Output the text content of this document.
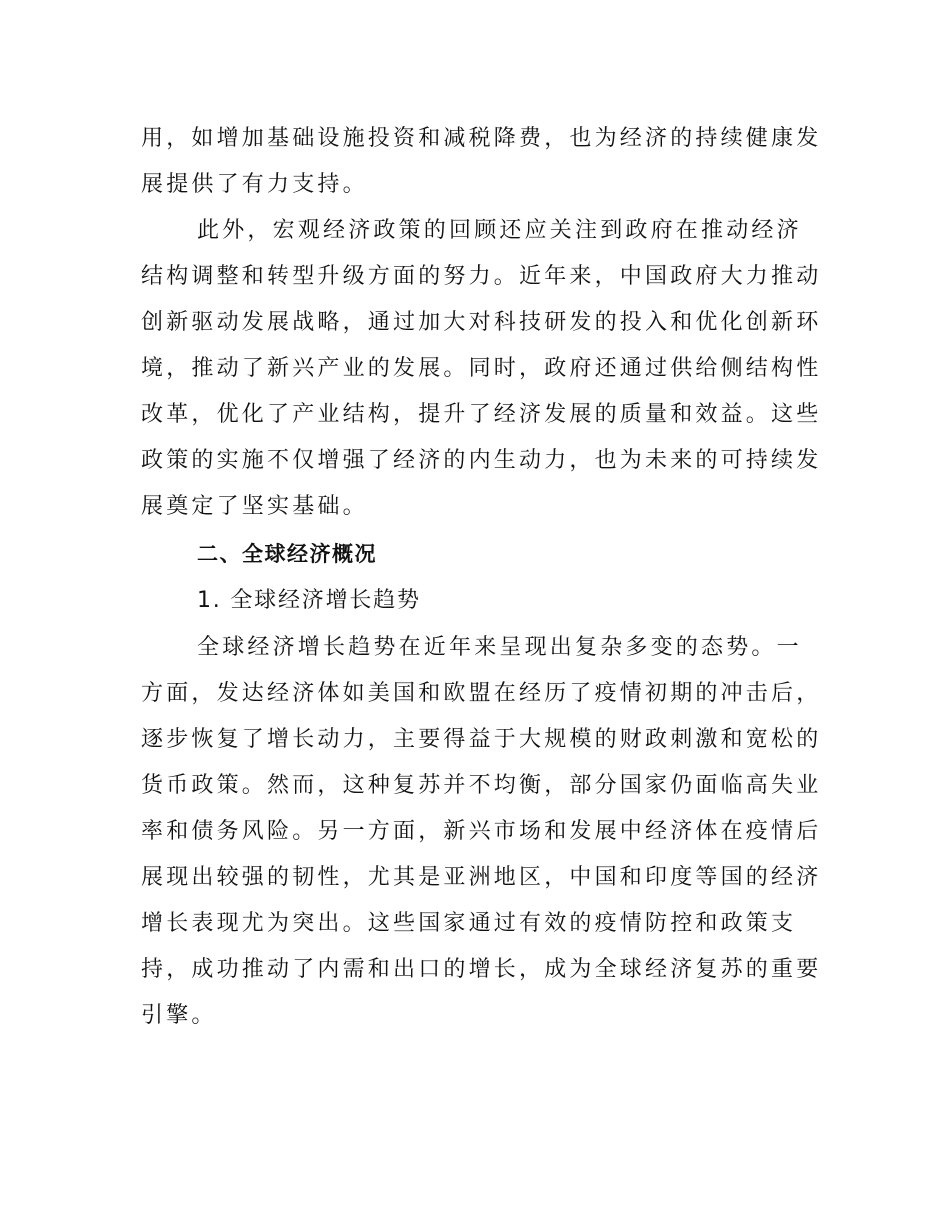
用，如增加基础设施投资和减税降费，也为经济的持续健康发
展提供了有力支持。
此外，宏观经济政策的回顾还应关注到政府在推动经济
结构调整和转型升级方面的努力。近年来，中国政府大力推动
创新驱动发展战略，通过加大对科技研发的投入和优化创新环
境，推动了新兴产业的发展。同时，政府还通过供给侧结构性
改革，优化了产业结构，提升了经济发展的质量和效益。这些
政策的实施不仅增强了经济的内生动力，也为未来的可持续发
展奠定了坚实基础。
二、全球经济概况
1. 全球经济增长趋势
全球经济增长趋势在近年来呈现出复杂多变的态势。一
方面，发达经济体如美国和欧盟在经历了疫情初期的冲击后，
逐步恢复了增长动力，主要得益于大规模的财政刺激和宽松的
货币政策。然而，这种复苏并不均衡，部分国家仍面临高失业
率和债务风险。另一方面，新兴市场和发展中经济体在疫情后
展现出较强的韧性，尤其是亚洲地区，中国和印度等国的经济
增长表现尤为突出。这些国家通过有效的疫情防控和政策支
持，成功推动了内需和出口的增长，成为全球经济复苏的重要
引擎。
